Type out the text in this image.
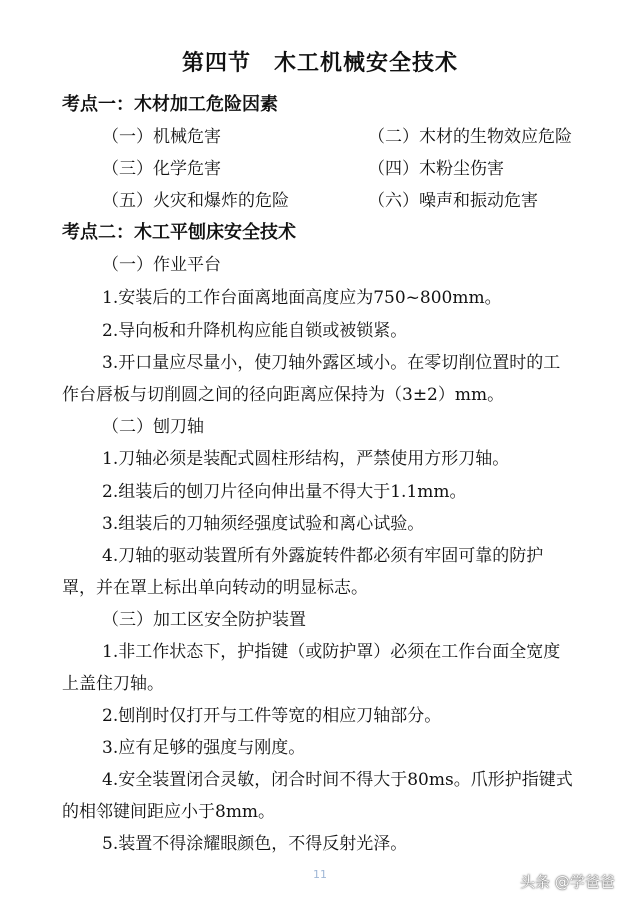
第四节　木工机械安全技术
考点一：木材加工危险因素
（一）机械危害	（二）木材的生物效应危险
（三）化学危害	（四）木粉尘伤害
（五）火灾和爆炸的危险	（六）噪声和振动危害
考点二：木工平刨床安全技术
（一）作业平台
1.安装后的工作台面离地面高度应为750~800mm。
2.导向板和升降机构应能自锁或被锁紧。
3.开口量应尽量小，使刀轴外露区域小。在零切削位置时的工
作台唇板与切削圆之间的径向距离应保持为（3±2）mm。
（二）刨刀轴
1.刀轴必须是装配式圆柱形结构，严禁使用方形刀轴。
2.组装后的刨刀片径向伸出量不得大于1.1mm。
3.组装后的刀轴须经强度试验和离心试验。
4.刀轴的驱动装置所有外露旋转件都必须有牢固可靠的防护
罩，并在罩上标出单向转动的明显标志。
（三）加工区安全防护装置
1.非工作状态下，护指键（或防护罩）必须在工作台面全宽度
上盖住刀轴。
2.刨削时仅打开与工件等宽的相应刀轴部分。
3.应有足够的强度与刚度。
4.安全装置闭合灵敏，闭合时间不得大于80ms。爪形护指键式
的相邻键间距应小于8mm。
5.装置不得涂耀眼颜色，不得反射光泽。
11	头条 @学爸爸
